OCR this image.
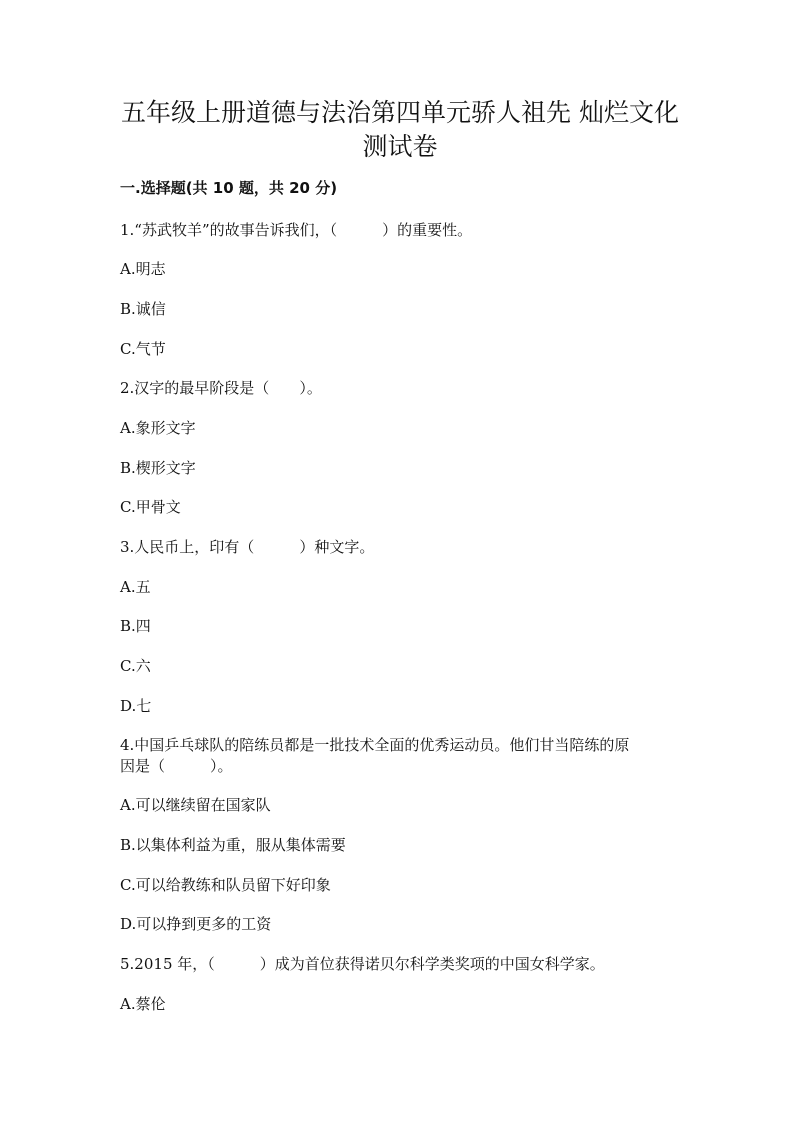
五年级上册道德与法治第四单元骄人祖先 灿烂文化
测试卷
一.选择题(共 10 题，共 20 分)
1.“苏武牧羊”的故事告诉我们，（　　　）的重要性。
A.明志
B.诚信
C.气节
2.汉字的最早阶段是（　　）。
A.象形文字
B.楔形文字
C.甲骨文
3.人民币上，印有（　　　）种文字。
A.五
B.四
C.六
D.七
4.中国乒乓球队的陪练员都是一批技术全面的优秀运动员。他们甘当陪练的原
因是（　　　）。
A.可以继续留在国家队
B.以集体利益为重，服从集体需要
C.可以给教练和队员留下好印象
D.可以挣到更多的工资
5.2015 年，（　　　）成为首位获得诺贝尔科学类奖项的中国女科学家。
A.蔡伦
